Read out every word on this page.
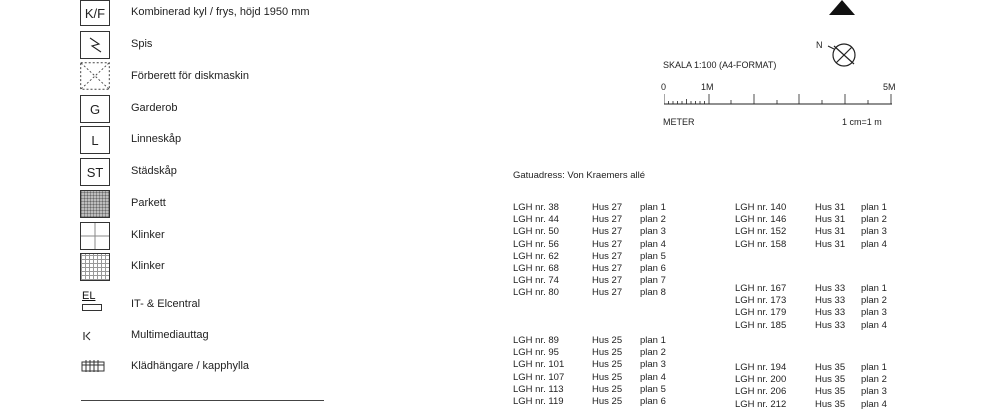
K/F Kombinerad kyl / frys, höjd 1950 mm
Spis
Förberett för diskmaskin
G	Garderob
L	Linneskåp
ST	Städskåp
Parkett
Klinker
Klinker
EL
IT- & Elcentral
Multimediauttag
Klädhängare / kapphylla
N
SKALA 1:100 (A4-FORMAT)
0	1M	5M
METER	1 cm=1 m
Gatuadress: Von Kraemers allé
LGH nr. 38	Hus 27 plan 1
LGH nr. 44	Hus 27 plan 2
LGH nr. 50	Hus 27 plan 3
LGH nr. 56	Hus 27 plan 4
LGH nr. 62	Hus 27 plan 5
LGH nr. 68	Hus 27 plan 6
LGH nr. 74	Hus 27 plan 7
LGH nr. 80	Hus 27 plan 8
LGH nr. 89	Hus 25 plan 1
LGH nr. 95	Hus 25 plan 2
LGH nr. 101	Hus 25 plan 3
LGH nr. 107	Hus 25 plan 4
LGH nr. 113	Hus 25 plan 5
LGH nr. 119	Hus 25 plan 6
LGH nr. 140	Hus 31 plan 1
LGH nr. 146	Hus 31 plan 2
LGH nr. 152	Hus 31 plan 3
LGH nr. 158	Hus 31 plan 4
LGH nr. 167	Hus 33 plan 1
LGH nr. 173	Hus 33 plan 2
LGH nr. 179	Hus 33 plan 3
LGH nr. 185	Hus 33 plan 4
LGH nr. 194	Hus 35 plan 1
LGH nr. 200	Hus 35 plan 2
LGH nr. 206	Hus 35 plan 3
LGH nr. 212	Hus 35 plan 4
